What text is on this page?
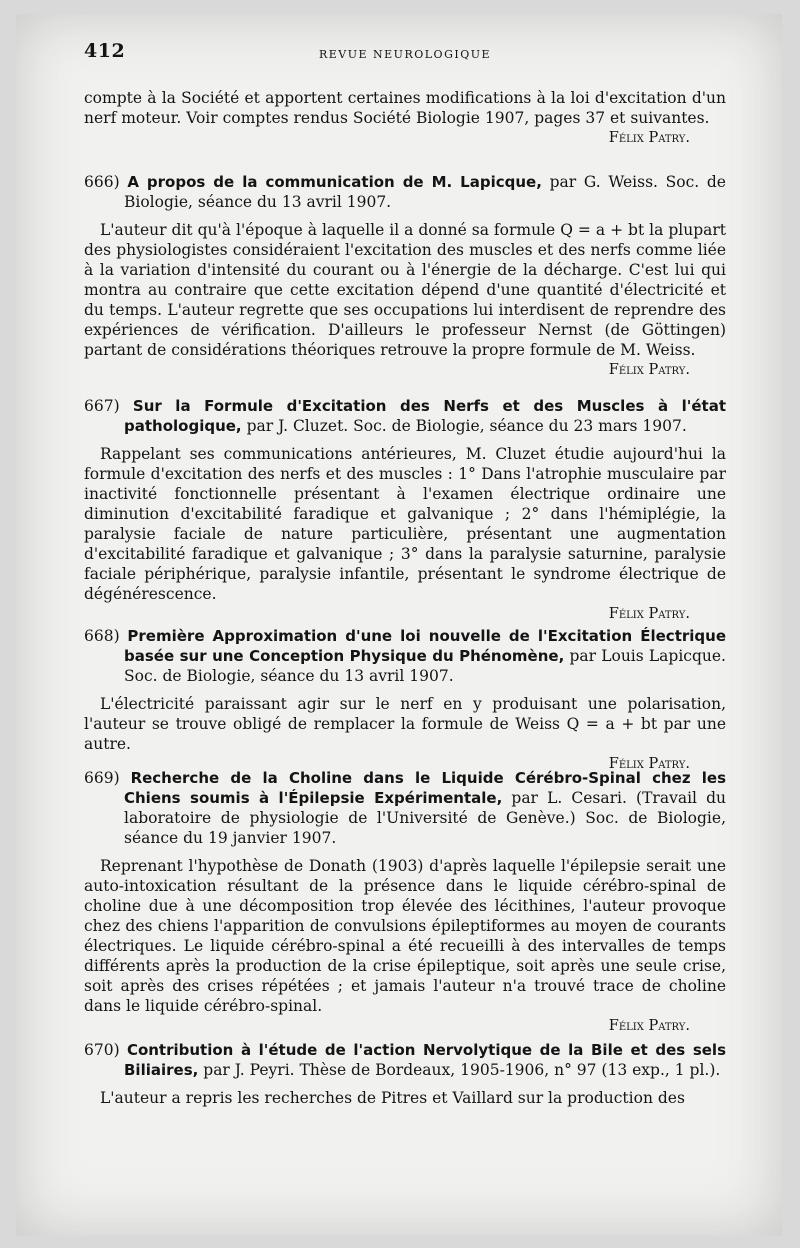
412	REVUE NEUROLOGIQUE

compte à la Société et apportent certaines modifications à la loi d'excitation d'un nerf moteur. Voir comptes rendus Société Biologie 1907, pages 37 et suivantes.

Félix Patry.
666) A propos de la communication de M. Lapicque, par G. Weiss. Soc. de Biologie, séance du 13 avril 1907.

L'auteur dit qu'à l'époque à laquelle il a donné sa formule Q = a + bt la plupart des physiologistes considéraient l'excitation des muscles et des nerfs comme liée à la variation d'intensité du courant ou à l'énergie de la décharge. C'est lui qui montra au contraire que cette excitation dépend d'une quantité d'électricité et du temps. L'auteur regrette que ses occupations lui interdisent de reprendre des expériences de vérification. D'ailleurs le professeur Nernst (de Göttingen) partant de considérations théoriques retrouve la propre formule de M. Weiss.

Félix Patry.
667) Sur la Formule d'Excitation des Nerfs et des Muscles à l'état pathologique, par J. Cluzet. Soc. de Biologie, séance du 23 mars 1907.

Rappelant ses communications antérieures, M. Cluzet étudie aujourd'hui la formule d'excitation des nerfs et des muscles : 1° Dans l'atrophie musculaire par inactivité fonctionnelle présentant à l'examen électrique ordinaire une diminution d'excitabilité faradique et galvanique ; 2° dans l'hémiplégie, la paralysie faciale de nature particulière, présentant une augmentation d'excitabilité faradique et galvanique ; 3° dans la paralysie saturnine, paralysie faciale périphérique, paralysie infantile, présentant le syndrome électrique de dégénérescence.

Félix Patry.
668) Première Approximation d'une loi nouvelle de l'Excitation Électrique basée sur une Conception Physique du Phénomène, par Louis Lapicque. Soc. de Biologie, séance du 13 avril 1907.

L'électricité paraissant agir sur le nerf en y produisant une polarisation, l'auteur se trouve obligé de remplacer la formule de Weiss Q = a + bt par une autre.

Félix Patry.
669) Recherche de la Choline dans le Liquide Cérébro-Spinal chez les Chiens soumis à l'Épilepsie Expérimentale, par L. Cesari. (Travail du laboratoire de physiologie de l'Université de Genève.) Soc. de Biologie, séance du 19 janvier 1907.

Reprenant l'hypothèse de Donath (1903) d'après laquelle l'épilepsie serait une auto-intoxication résultant de la présence dans le liquide cérébro-spinal de choline due à une décomposition trop élevée des lécithines, l'auteur provoque chez des chiens l'apparition de convulsions épileptiformes au moyen de courants électriques. Le liquide cérébro-spinal a été recueilli à des intervalles de temps différents après la production de la crise épileptique, soit après une seule crise, soit après des crises répétées ; et jamais l'auteur n'a trouvé trace de choline dans le liquide cérébro-spinal.

Félix Patry.
670) Contribution à l'étude de l'action Nervolytique de la Bile et des sels Biliaires, par J. Peyri. Thèse de Bordeaux, 1905-1906, n° 97 (13 exp., 1 pl.).

L'auteur a repris les recherches de Pitres et Vaillard sur la production des
